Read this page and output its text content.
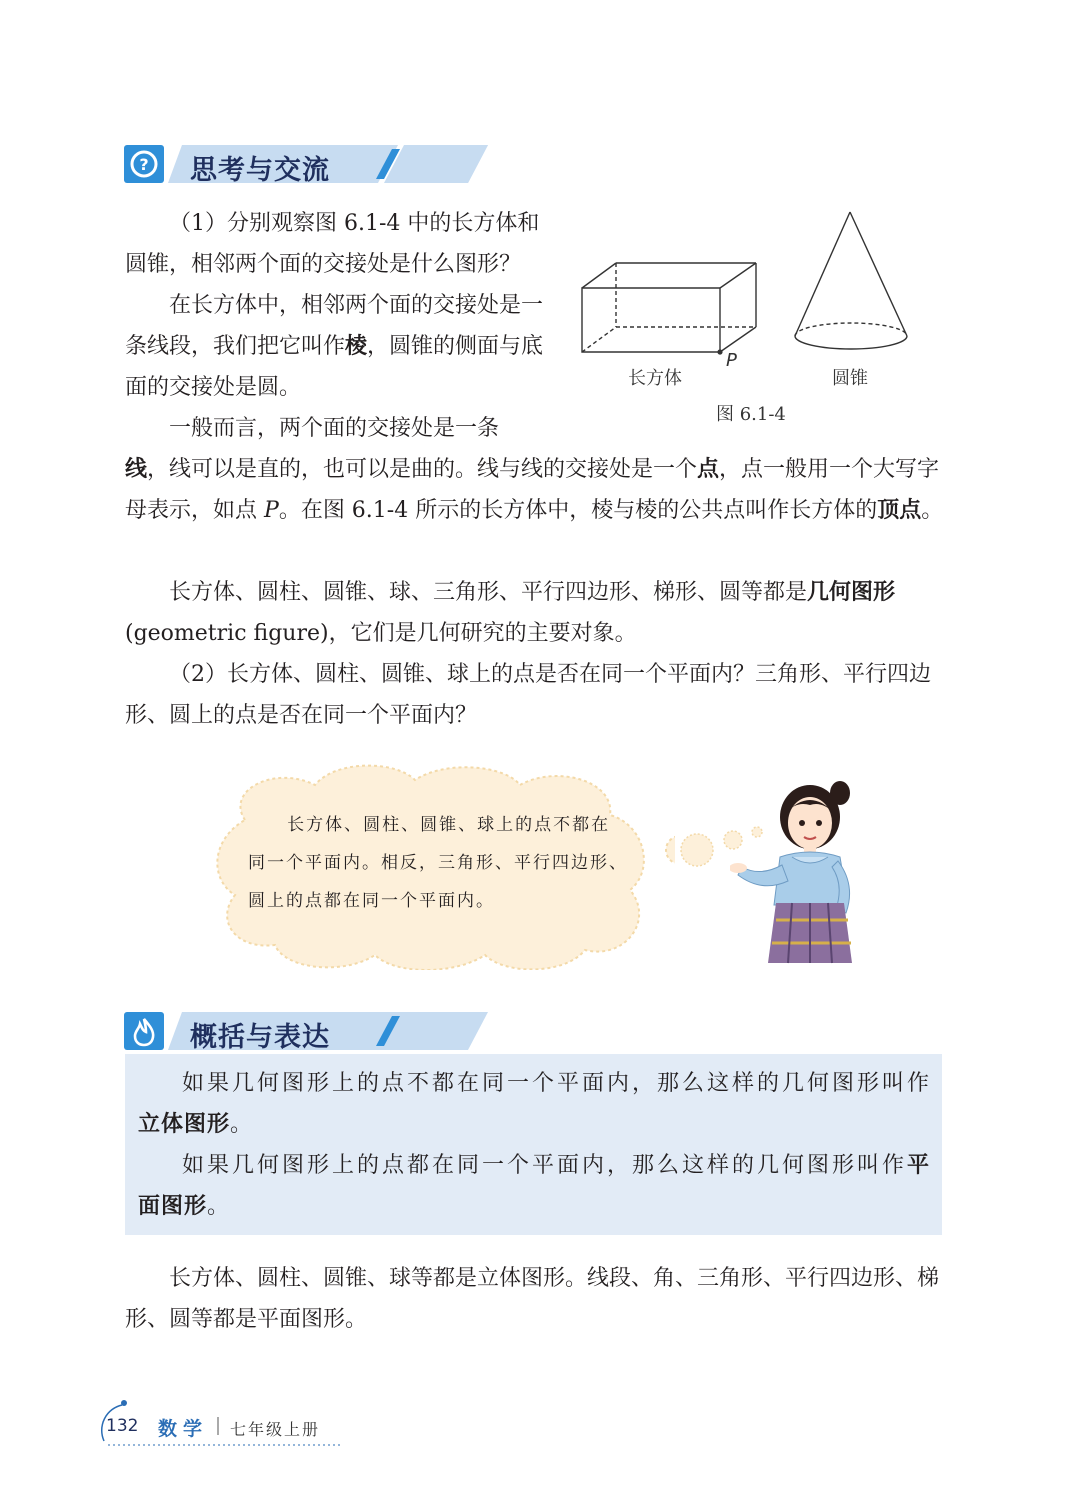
? 思考与交流

（1）分别观察图 6.1-4 中的长方体和圆锥，相邻两个面的交接处是什么图形？

在长方体中，相邻两个面的交接处是一条线段，我们把它叫作棱，圆锥的侧面与底面的交接处是圆。

一般而言，两个面的交接处是一条

线，线可以是直的，也可以是曲的。线与线的交接处是一个点，点一般用一个大写字母表示，如点 P。在图 6.1-4 所示的长方体中，棱与棱的公共点叫作长方体的顶点。

长方体、圆柱、圆锥、球、三角形、平行四边形、梯形、圆等都是几何图形(geometric figure)，它们是几何研究的主要对象。

（2）长方体、圆柱、圆锥、球上的点是否在同一个平面内？三角形、平行四边形、圆上的点是否在同一个平面内？

长方体
P
圆锥
图 6.1-4

长方体、圆柱、圆锥、球上的点不都在同一个平面内。相反，三角形、平行四边形、圆上的点都在同一个平面内。

概括与表达

如果几何图形上的点不都在同一个平面内，那么这样的几何图形叫作立体图形。

如果几何图形上的点都在同一个平面内，那么这样的几何图形叫作平面图形。

长方体、圆柱、圆锥、球等都是立体图形。线段、角、三角形、平行四边形、梯形、圆等都是平面图形。

132 数学 七年级上册
